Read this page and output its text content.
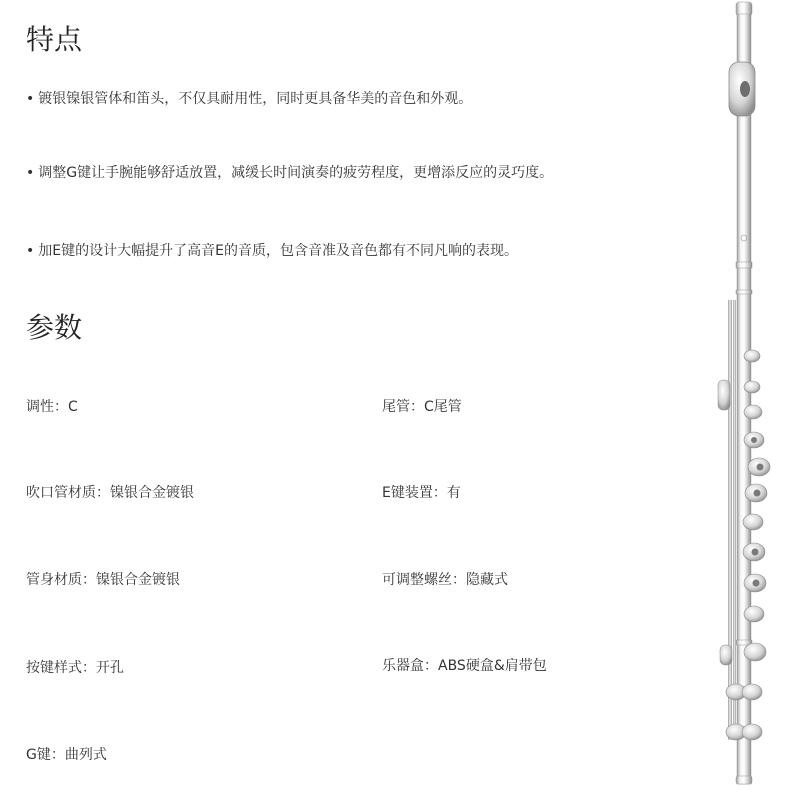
特点
• 镀银镍银管体和笛头，不仅具耐用性，同时更具备华美的音色和外观。
• 调整G键让手腕能够舒适放置，减缓长时间演奏的疲劳程度，更增添反应的灵巧度。
• 加E键的设计大幅提升了高音E的音质，包含音准及音色都有不同凡响的表现。
参数
调性：C	尾管：C尾管
吹口管材质：镍银合金镀银	E键装置：有
管身材质：镍银合金镀银	可调整螺丝：隐藏式
按键样式：开孔	乐器盒：ABS硬盒&肩带包
G键：曲列式
